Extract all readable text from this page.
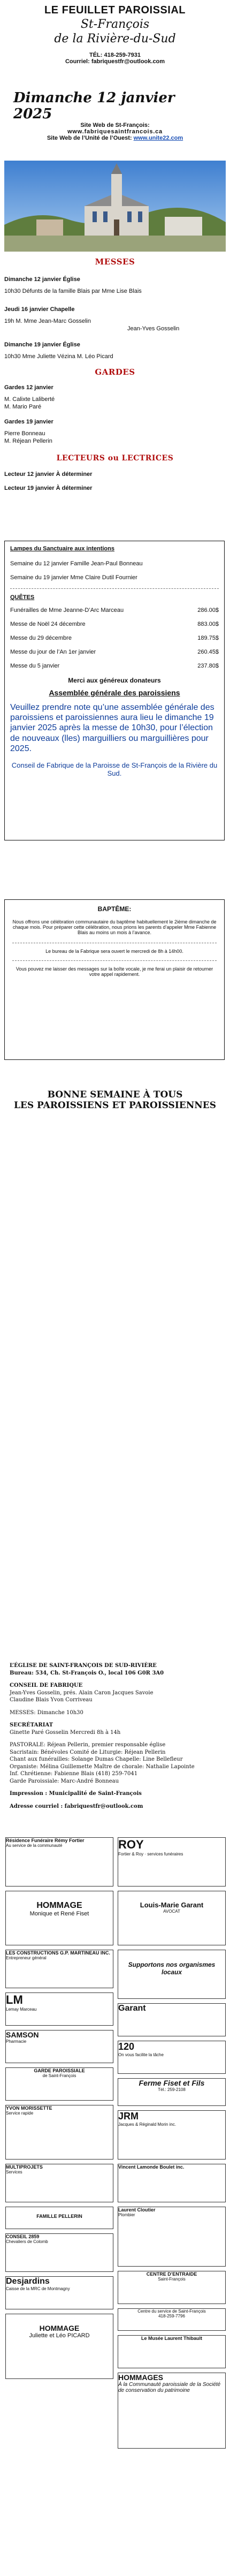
LE FEUILLET PAROISSIAL
St-François
de la Rivière-du-Sud
TÉL: 418-259-7931
Courriel: fabriquestfr@outlook.com
Dimanche 12 janvier 2025
Site Web de St-François:
www.fabriquesaintfrancois.ca
Site Web de l’Unité de l’Ouest: www.unite22.com
MESSES
Dimanche 12 janvier Église
10h30 Défunts de la famille Blais par Mme Lise Blais
Jeudi 16 janvier Chapelle
19h M. Mme Jean-Marc Gosselin
Jean-Yves Gosselin
Dimanche 19 janvier Église
10h30 Mme Juliette Vézina M. Léo Picard
GARDES
Gardes 12 janvier
M. Calixte Laliberté
M. Mario Paré
Gardes 19 janvier
Pierre Bonneau
M. Réjean Pellerin
LECTEURS ou LECTRICES
Lecteur 12 janvier À déterminer
Lecteur 19 janvier À déterminer
Lampes du Sanctuaire aux intentions
Semaine du 12 janvier Famille Jean-Paul Bonneau
Semaine du 19 janvier Mme Claire Dutil Fournier
QUÊTES
Funérailles de Mme Jeanne-D’Arc Marceau	286.00$
Messe de Noël 24 décembre	883.00$
Messe du 29 décembre	189.75$
Messe du jour de l’An 1er janvier	260.45$
Messe du 5 janvier	237.80$
Merci aux généreux donateurs
Assemblée générale des paroissiens
Veuillez prendre note qu’une assemblée générale des paroissiens et paroissiennes aura lieu le dimanche 19 janvier 2025 après la messe de 10h30, pour l’élection de nouveaux (lles) marguilliers ou marguillières pour 2025.
Conseil de Fabrique de la Paroisse de St-François de la Rivière du Sud.
BAPTÊME:
Nous offrons une célébration communautaire du baptême habituellement le 2ième dimanche de chaque mois. Pour préparer cette célébration, nous prions les parents d’appeler Mme Fabienne Blais au moins un mois à l’avance.
Le bureau de la Fabrique sera ouvert le mercredi de 8h à 14h00.
Vous pouvez me laisser des messages sur la boîte vocale, je me ferai un plaisir de retourner votre appel rapidement.
BONNE SEMAINE À TOUS
LES PAROISSIENS ET PAROISSIENNES
L’ÉGLISE DE SAINT-FRANÇOIS DE SUD-RIVIÈRE
Bureau: 534, Ch. St-François O., local 106 G0R 3A0
CONSEIL DE FABRIQUE
Jean-Yves Gosselin, prés. Alain Caron Jacques Savoie
Claudine Blais Yvon Corriveau
MESSES: Dimanche 10h30
SECRÉTARIAT
Ginette Paré Gosselin Mercredi 8h à 14h
PASTORALE: Réjean Pellerin, premier responsable église
Sacristain: Bénévoles Comité de Liturgie: Réjean Pellerin
Chant aux funérailles: Solange Dumas Chapelle: Line Bellefleur
Organiste: Mélina Guillemette Maître de chorale: Nathalie Lapointe
Inf. Chrétienne: Fabienne Blais (418) 259-7041
Garde Paroissiale: Marc-André Bonneau
Impression : Municipalité de Saint-François
Adresse courriel : fabriquestfr@outlook.com
Résidence Funéraire Rémy Fortier
Au service de la communauté	ROY
Fortier & Roy · services funéraires
HOMMAGE
Monique et René Fiset
Louis-Marie Garant
AVOCAT
LES CONSTRUCTIONS G.P. MARTINEAU INC.
Entrepreneur général
Supportons nos organismes locaux
LM
Lemay Marceau	Garant
SAMSON
Pharmacie	120
On vous facilite la tâche
GARDE PAROISSIALE
de Saint-François
Ferme Fiset et Fils
Tél.: 259-2108
YVON MORISSETTE
Service rapide	JRM
Jacques & Réginald Morin inc.
MULTIPROJETS
Services
Vincent Lamonde Boulet inc.
FAMILLE PELLERIN
Laurent Cloutier
Plombier
CONSEIL 2859
Chevaliers de Colomb
CENTRE D’ENTRAIDE
Saint-François
Desjardins
Caisse de la MRC de Montmagny
Centre du service de Saint-François
418-259-7796
HOMMAGE
Juliette et Léo PICARD	Le Musée Laurent Thibault
HOMMAGES
À la Communauté paroissiale de la Société de conservation du patrimoine
